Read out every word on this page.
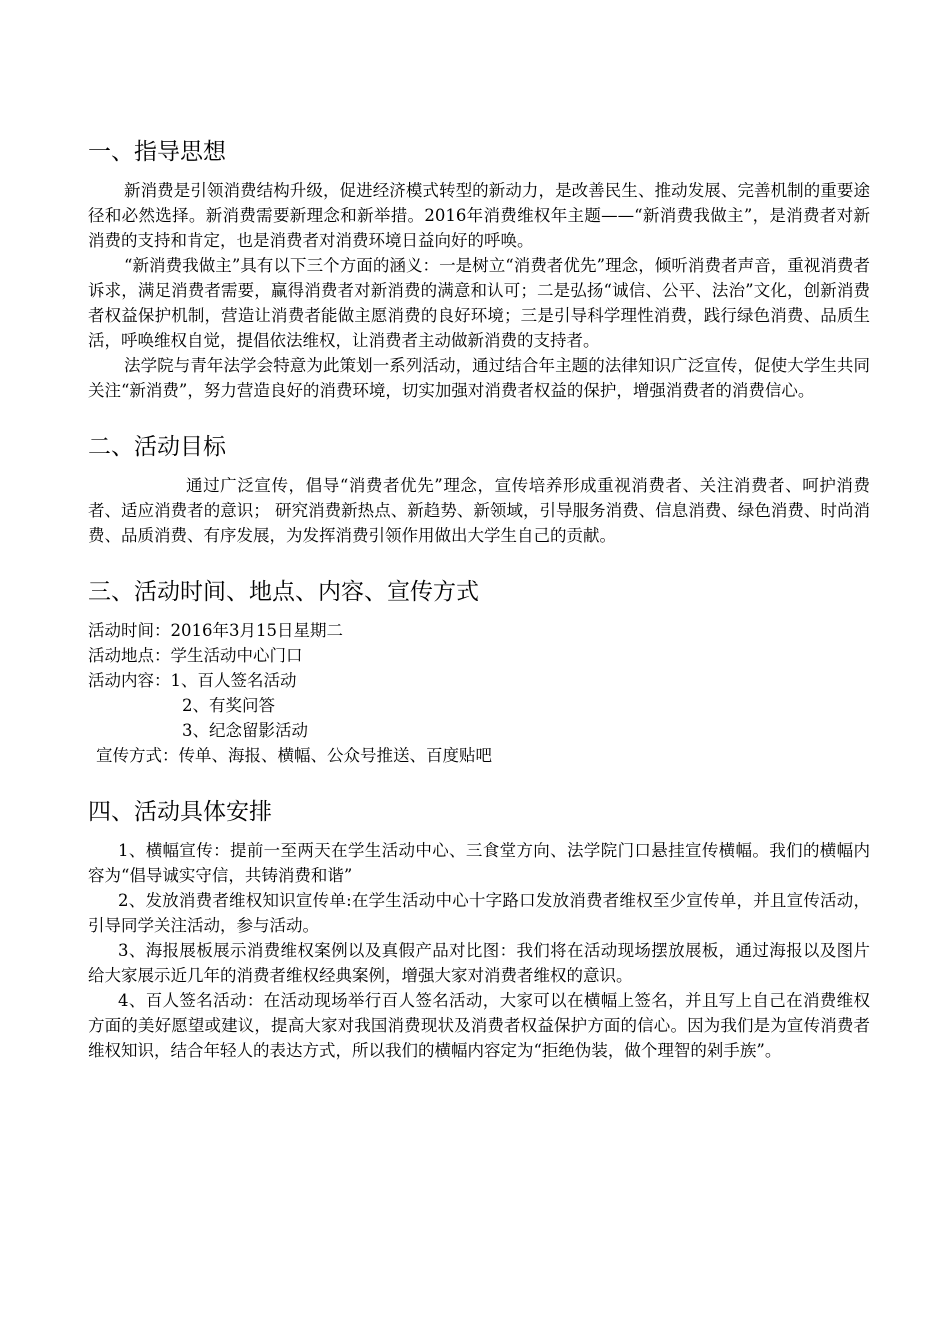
一、指导思想

新消费是引领消费结构升级，促进经济模式转型的新动力，是改善民生、推动发展、完善机制的重要途径和必然选择。新消费需要新理念和新举措。2016年消费维权年主题——“新消费我做主”，是消费者对新消费的支持和肯定，也是消费者对消费环境日益向好的呼唤。

“新消费我做主”具有以下三个方面的涵义：一是树立“消费者优先”理念，倾听消费者声音，重视消费者诉求，满足消费者需要，赢得消费者对新消费的满意和认可；二是弘扬“诚信、公平、法治”文化，创新消费者权益保护机制，营造让消费者能做主愿消费的良好环境；三是引导科学理性消费，践行绿色消费、品质生活，呼唤维权自觉，提倡依法维权，让消费者主动做新消费的支持者。

法学院与青年法学会特意为此策划一系列活动，通过结合年主题的法律知识广泛宣传，促使大学生共同关注“新消费”，努力营造良好的消费环境，切实加强对消费者权益的保护，增强消费者的消费信心。

二、活动目标

通过广泛宣传，倡导“消费者优先”理念，宣传培养形成重视消费者、关注消费者、呵护消费者、适应消费者的意识； 研究消费新热点、新趋势、新领域，引导服务消费、信息消费、绿色消费、时尚消费、品质消费、有序发展，为发挥消费引领作用做出大学生自己的贡献。

三、活动时间、地点、内容、宣传方式
活动时间：2016年3月15日星期二
活动地点：学生活动中心门口
活动内容：1、百人签名活动
2、有奖问答
3、纪念留影活动
宣传方式：传单、海报、横幅、公众号推送、百度贴吧
四、活动具体安排

1、横幅宣传：提前一至两天在学生活动中心、三食堂方向、法学院门口悬挂宣传横幅。我们的横幅内容为“倡导诚实守信，共铸消费和谐”

2、发放消费者维权知识宣传单:在学生活动中心十字路口发放消费者维权至少宣传单，并且宣传活动，引导同学关注活动，参与活动。

3、海报展板展示消费维权案例以及真假产品对比图：我们将在活动现场摆放展板，通过海报以及图片给大家展示近几年的消费者维权经典案例，增强大家对消费者维权的意识。

4、百人签名活动：在活动现场举行百人签名活动，大家可以在横幅上签名，并且写上自己在消费维权方面的美好愿望或建议，提高大家对我国消费现状及消费者权益保护方面的信心。因为我们是为宣传消费者维权知识，结合年轻人的表达方式，所以我们的横幅内容定为“拒绝伪装，做个理智的剁手族”。
